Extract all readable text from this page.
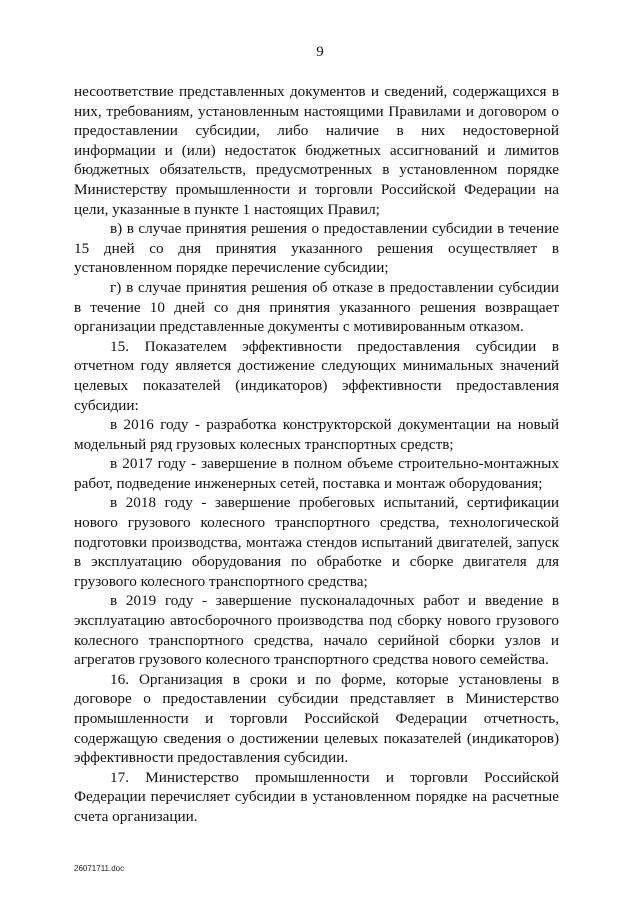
9

несоответствие представленных документов и сведений, содержащихся в них, требованиям, установленным настоящими Правилами и договором о предоставлении субсидии, либо наличие в них недостоверной информации и (или) недостаток бюджетных ассигнований и лимитов бюджетных обязательств, предусмотренных в установленном порядке Министерству промышленности и торговли Российской Федерации на цели, указанные в пункте 1 настоящих Правил;

в) в случае принятия решения о предоставлении субсидии в течение 15 дней со дня принятия указанного решения осуществляет в установленном порядке перечисление субсидии;

г) в случае принятия решения об отказе в предоставлении субсидии в течение 10 дней со дня принятия указанного решения возвращает организации представленные документы с мотивированным отказом.

15. Показателем эффективности предоставления субсидии в отчетном году является достижение следующих минимальных значений целевых показателей (индикаторов) эффективности предоставления субсидии:

в 2016 году - разработка конструкторской документации на новый модельный ряд грузовых колесных транспортных средств;

в 2017 году - завершение в полном объеме строительно-монтажных работ, подведение инженерных сетей, поставка и монтаж оборудования;

в 2018 году - завершение пробеговых испытаний, сертификации нового грузового колесного транспортного средства, технологической подготовки производства, монтажа стендов испытаний двигателей, запуск в эксплуатацию оборудования по обработке и сборке двигателя для грузового колесного транспортного средства;

в 2019 году - завершение пусконаладочных работ и введение в эксплуатацию автосборочного производства под сборку нового грузового колесного транспортного средства, начало серийной сборки узлов и агрегатов грузового колесного транспортного средства нового семейства.

16. Организация в сроки и по форме, которые установлены в договоре о предоставлении субсидии представляет в Министерство промышленности и торговли Российской Федерации отчетность, содержащую сведения о достижении целевых показателей (индикаторов) эффективности предоставления субсидии.

17. Министерство промышленности и торговли Российской Федерации перечисляет субсидии в установленном порядке на расчетные счета организации.

26071711.doc
